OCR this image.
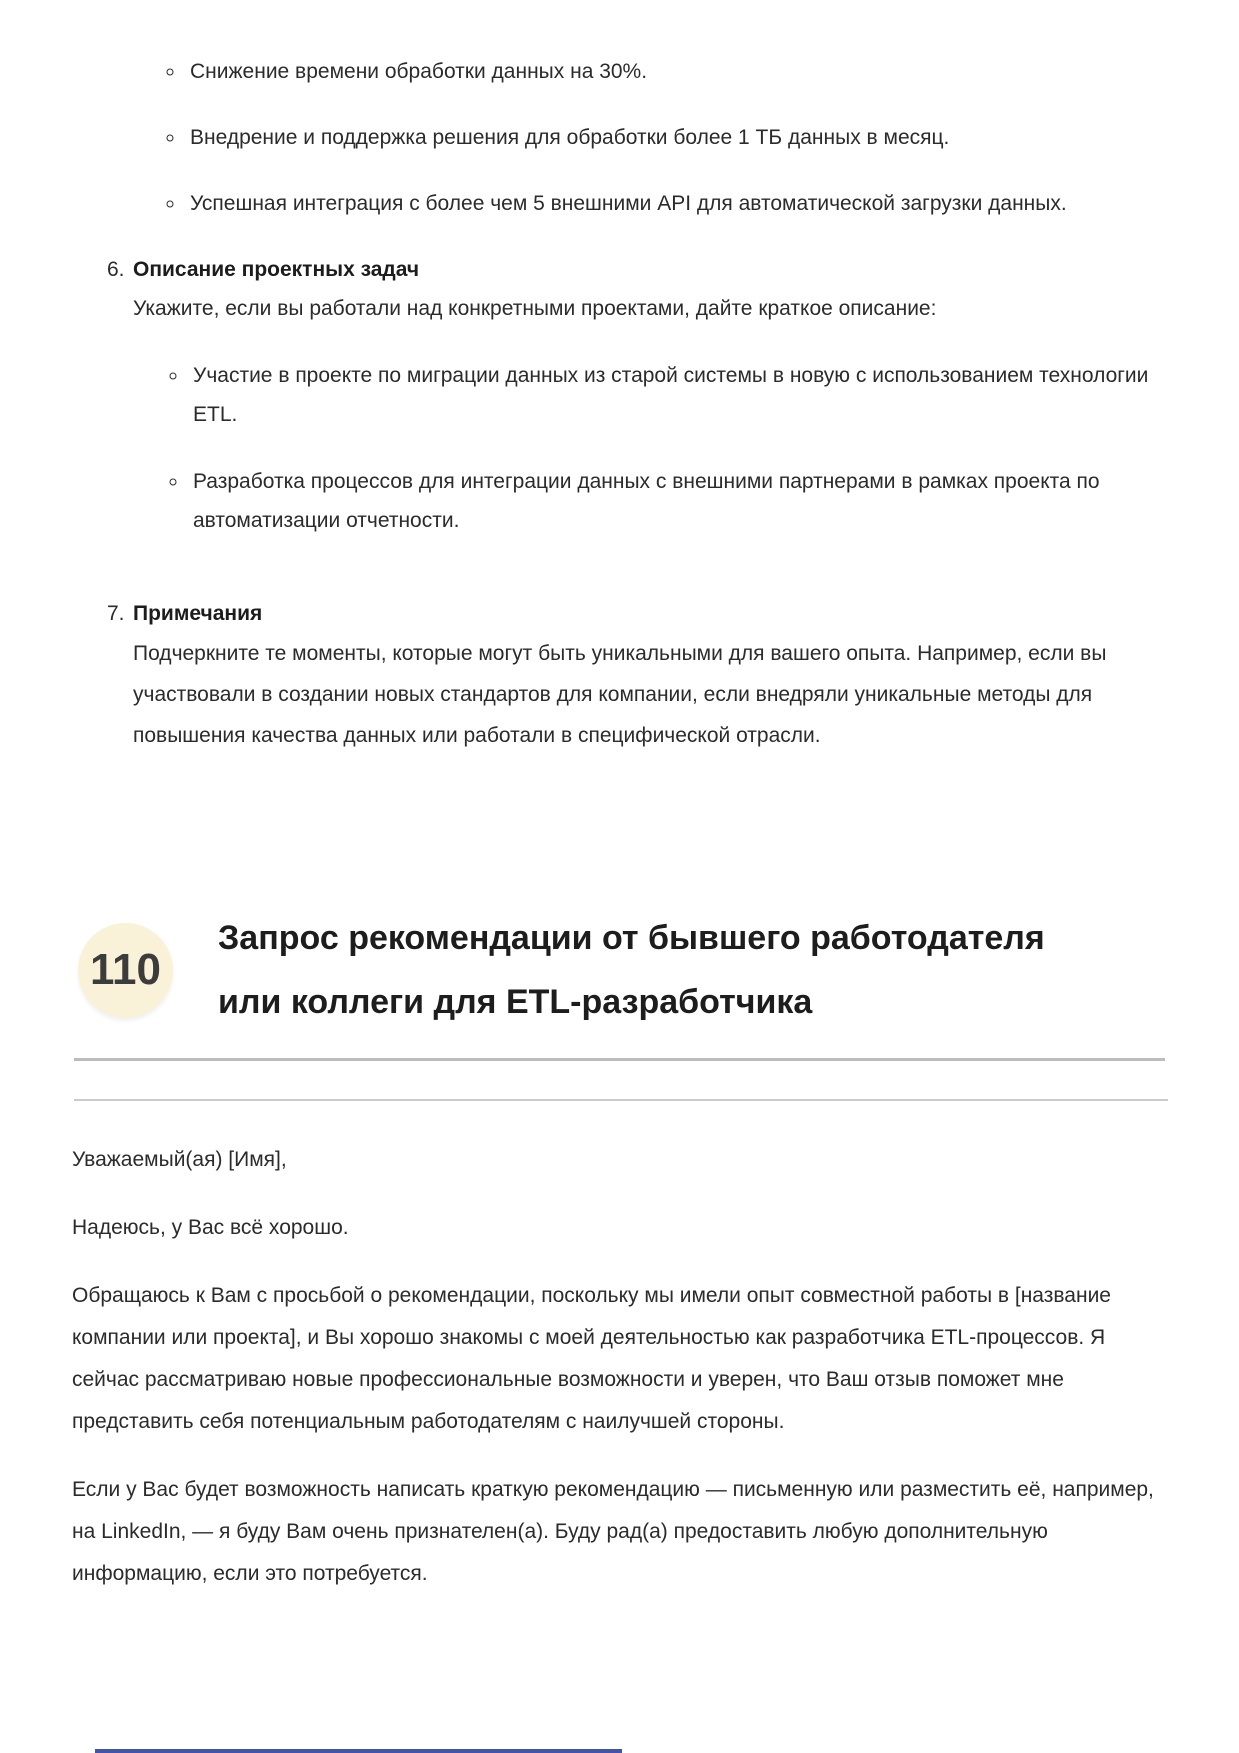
◦ Снижение времени обработки данных на 30%.
◦ Внедрение и поддержка решения для обработки более 1 ТБ данных в месяц.
◦ Успешная интеграция с более чем 5 внешними API для автоматической загрузки данных.
6. Описание проектных задач

Укажите, если вы работали над конкретными проектами, дайте краткое описание:

◦ Участие в проекте по миграции данных из старой системы в новую с использованием технологии ETL.
◦ Разработка процессов для интеграции данных с внешними партнерами в рамках проекта по автоматизации отчетности.
7. Примечания

Подчеркните те моменты, которые могут быть уникальными для вашего опыта. Например, если вы участвовали в создании новых стандартов для компании, если внедряли уникальные методы для повышения качества данных или работали в специфической отрасли.

110
Запрос рекомендации от бывшего работодателя или коллеги для ETL-разработчика

Уважаемый(ая) [Имя],

Надеюсь, у Вас всё хорошо.

Обращаюсь к Вам с просьбой о рекомендации, поскольку мы имели опыт совместной работы в [название компании или проекта], и Вы хорошо знакомы с моей деятельностью как разработчика ETL-процессов. Я сейчас рассматриваю новые профессиональные возможности и уверен, что Ваш отзыв поможет мне представить себя потенциальным работодателям с наилучшей стороны.

Если у Вас будет возможность написать краткую рекомендацию — письменную или разместить её, например, на LinkedIn, — я буду Вам очень признателен(а). Буду рад(а) предоставить любую дополнительную информацию, если это потребуется.
